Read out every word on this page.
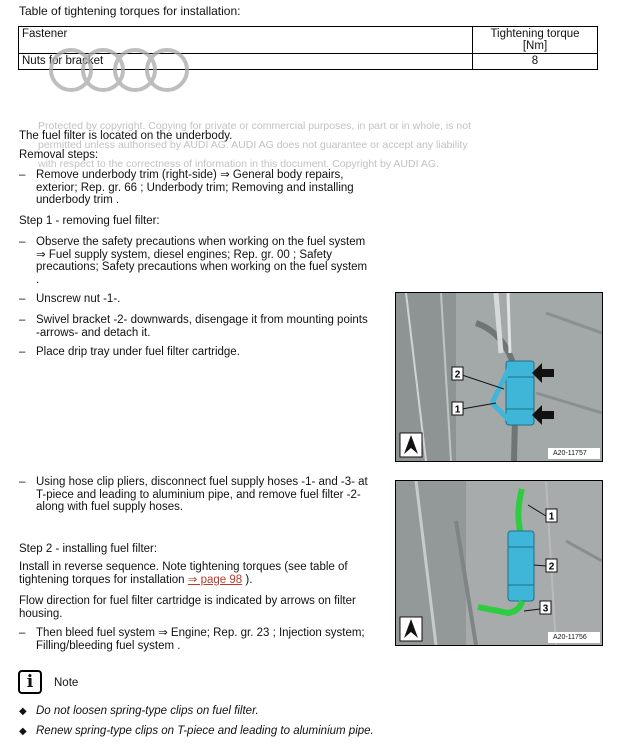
Table of tightening torques for installation:
Fastener	Tightening torque
[Nm]
Nuts for bracket	8
Protected by copyright. Copying for private or commercial purposes, in part or in whole, is not
permitted unless authorised by AUDI AG. AUDI AG does not guarantee or accept any liability
with respect to the correctness of information in this document. Copyright by AUDI AG.
The fuel filter is located on the underbody.
Removal steps:
– Remove underbody trim (right-side) ⇒ General body repairs, exterior; Rep. gr. 66 ; Underbody trim; Removing and installing underbody trim .
Step 1 - removing fuel filter:
– Observe the safety precautions when working on the fuel system ⇒ Fuel supply system, diesel engines; Rep. gr. 00 ; Safety precautions; Safety precautions when working on the fuel system .
– Unscrew nut -1-.
– Swivel bracket -2- downwards, disengage it from mounting points -arrows- and detach it.
– Place drip tray under fuel filter cartridge.
2
1
A20-11757
– Using hose clip pliers, disconnect fuel supply hoses -1- and -3- at T-piece and leading to aluminium pipe, and remove fuel filter -2- along with fuel supply hoses.
1
2
3
A20-11756
Step 2 - installing fuel filter:
Install in reverse sequence. Note tightening torques (see table of tightening torques for installation ⇒ page 98 ).
Flow direction for fuel filter cartridge is indicated by arrows on filter housing.
– Then bleed fuel system ⇒ Engine; Rep. gr. 23 ; Injection system; Filling/bleeding fuel system .
i	Note
◆ Do not loosen spring-type clips on fuel filter.
◆ Renew spring-type clips on T-piece and leading to aluminium pipe.
